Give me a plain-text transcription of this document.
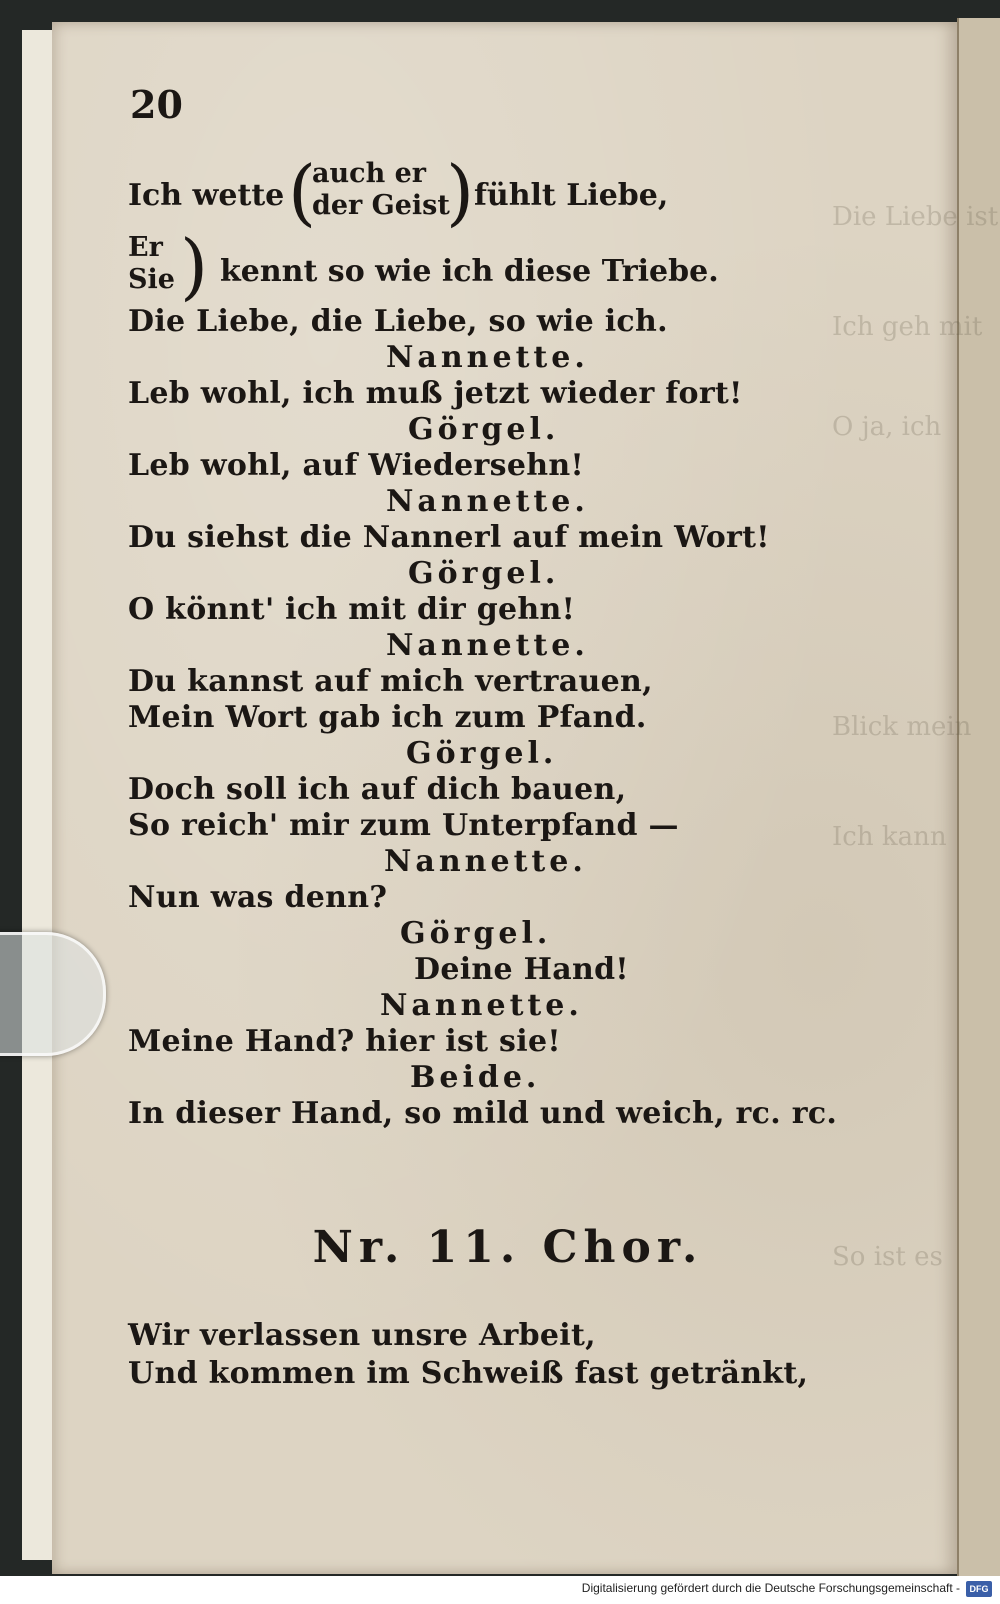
Die Liebe ist
Ich geh mit
O ja, ich
Blick mein
Ich kann
So ist es
20
Ich wette (
auch er
der Geist
) fühlt Liebe,
Er
Sie ) kennt so wie ich diese Triebe.
Die Liebe, die Liebe, so wie ich.
Nannette.
Leb wohl, ich muß jetzt wieder fort!
Görgel.
Leb wohl, auf Wiedersehn!
Nannette.
Du siehst die Nannerl auf mein Wort!
Görgel.
O könnt' ich mit dir gehn!
Nannette.
Du kannst auf mich vertrauen,
Mein Wort gab ich zum Pfand.
Görgel.
Doch soll ich auf dich bauen,
So reich' mir zum Unterpfand —
Nannette.
Nun was denn?
Görgel.
Deine Hand!
Nannette.
Meine Hand? hier ist sie!
Beide.
In dieser Hand, so mild und weich, rc. rc.
Nr. 11. Chor.
Wir verlassen unsre Arbeit,
Und kommen im Schweiß fast getränkt,
Digitalisierung gefördert durch die Deutsche Forschungsgemeinschaft -	DFG
